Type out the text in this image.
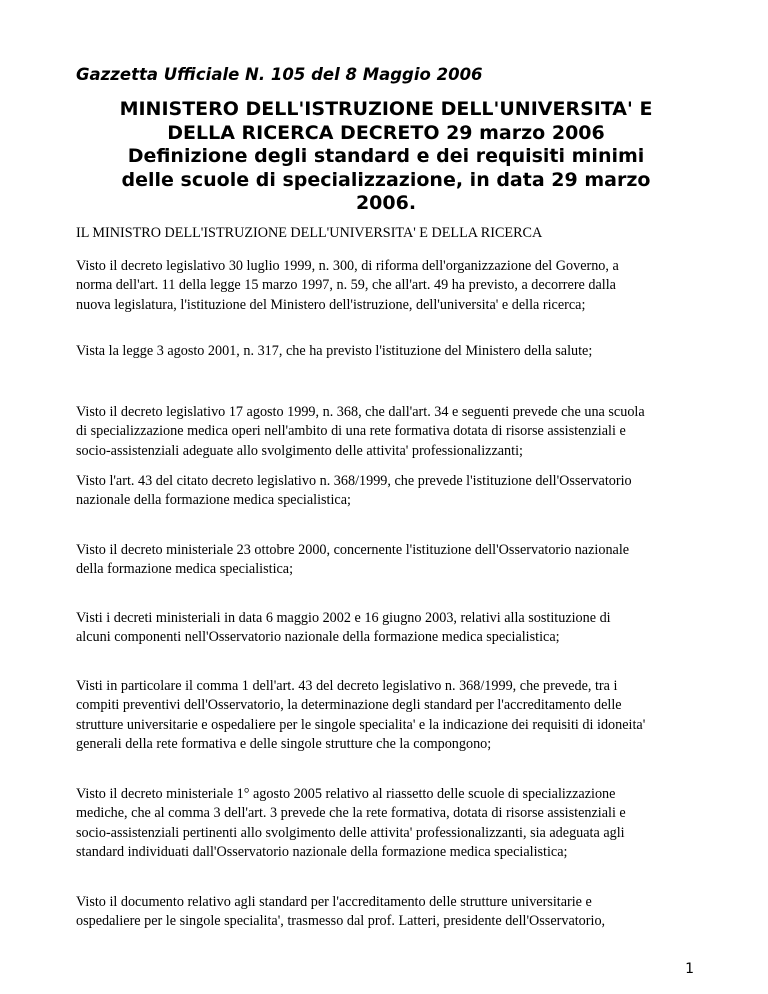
Gazzetta Ufficiale N. 105 del 8 Maggio 2006
MINISTERO DELL'ISTRUZIONE DELL'UNIVERSITA' E
DELLA RICERCA DECRETO 29 marzo 2006
Definizione degli standard e dei requisiti minimi
delle scuole di specializzazione, in data 29 marzo
2006.
IL MINISTRO DELL'ISTRUZIONE DELL'UNIVERSITA' E DELLA RICERCA
Visto il decreto legislativo 30 luglio 1999, n. 300, di riforma dell'organizzazione del Governo, a
norma dell'art. 11 della legge 15 marzo 1997, n. 59, che all'art. 49 ha previsto, a decorrere dalla
nuova legislatura, l'istituzione del Ministero dell'istruzione, dell'universita' e della ricerca;
Vista la legge 3 agosto 2001, n. 317, che ha previsto l'istituzione del Ministero della salute;
Visto il decreto legislativo 17 agosto 1999, n. 368, che dall'art. 34 e seguenti prevede che una scuola
di specializzazione medica operi nell'ambito di una rete formativa dotata di risorse assistenziali e
socio-assistenziali adeguate allo svolgimento delle attivita' professionalizzanti;
Visto l'art. 43 del citato decreto legislativo n. 368/1999, che prevede l'istituzione dell'Osservatorio
nazionale della formazione medica specialistica;
Visto il decreto ministeriale 23 ottobre 2000, concernente l'istituzione dell'Osservatorio nazionale
della formazione medica specialistica;
Visti i decreti ministeriali in data 6 maggio 2002 e 16 giugno 2003, relativi alla sostituzione di
alcuni componenti nell'Osservatorio nazionale della formazione medica specialistica;
Visti in particolare il comma 1 dell'art. 43 del decreto legislativo n. 368/1999, che prevede, tra i
compiti preventivi dell'Osservatorio, la determinazione degli standard per l'accreditamento delle
strutture universitarie e ospedaliere per le singole specialita' e la indicazione dei requisiti di idoneita'
generali della rete formativa e delle singole strutture che la compongono;
Visto il decreto ministeriale 1° agosto 2005 relativo al riassetto delle scuole di specializzazione
mediche, che al comma 3 dell'art. 3 prevede che la rete formativa, dotata di risorse assistenziali e
socio-assistenziali pertinenti allo svolgimento delle attivita' professionalizzanti, sia adeguata agli
standard individuati dall'Osservatorio nazionale della formazione medica specialistica;
Visto il documento relativo agli standard per l'accreditamento delle strutture universitarie e
ospedaliere per le singole specialita', trasmesso dal prof. Latteri, presidente dell'Osservatorio,
1
